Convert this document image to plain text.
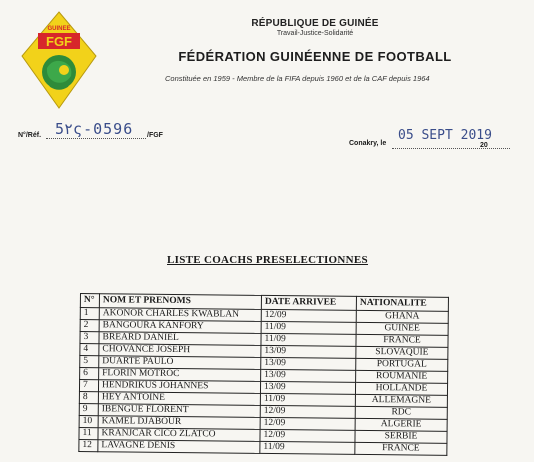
GUINEE
FGF
RÉPUBLIQUE DE GUINÉE
Travail-Justice-Solidarité
FÉDÉRATION GUINÉENNE DE FOOTBALL
Constituée en 1959 - Membre de la FIFA depuis 1960 et de la CAF depuis 1964
N°/Réf. 5۲ς-0596 /FGF
Conakry, le
05 SEPT 2019
20
LISTE COACHS PRESELECTIONNES
N°	NOM ET PRENOMS	DATE ARRIVEE	NATIONALITE
1	AKONOR CHARLES KWABLAN	12/09	GHANA
2	BANGOURA KANFORY	11/09	GUINEE
3	BREARD DANIEL	11/09	FRANCE
4	CHOVANCE JOSEPH	13/09	SLOVAQUIE
5	DUARTE PAULO	13/09	PORTUGAL
6	FLORIN MOTROC	13/09	ROUMANIE
7	HENDRIKUS JOHANNES	13/09	HOLLANDE
8	HEY ANTOINE	11/09	ALLEMAGNE
9	IBENGUE FLORENT	12/09	RDC
10	KAMEL DJABOUR	12/09	ALGERIE
11	KRANJCAR CICO ZLATCO	12/09	SERBIE
12	LAVAGNE DENIS	11/09	FRANCE
